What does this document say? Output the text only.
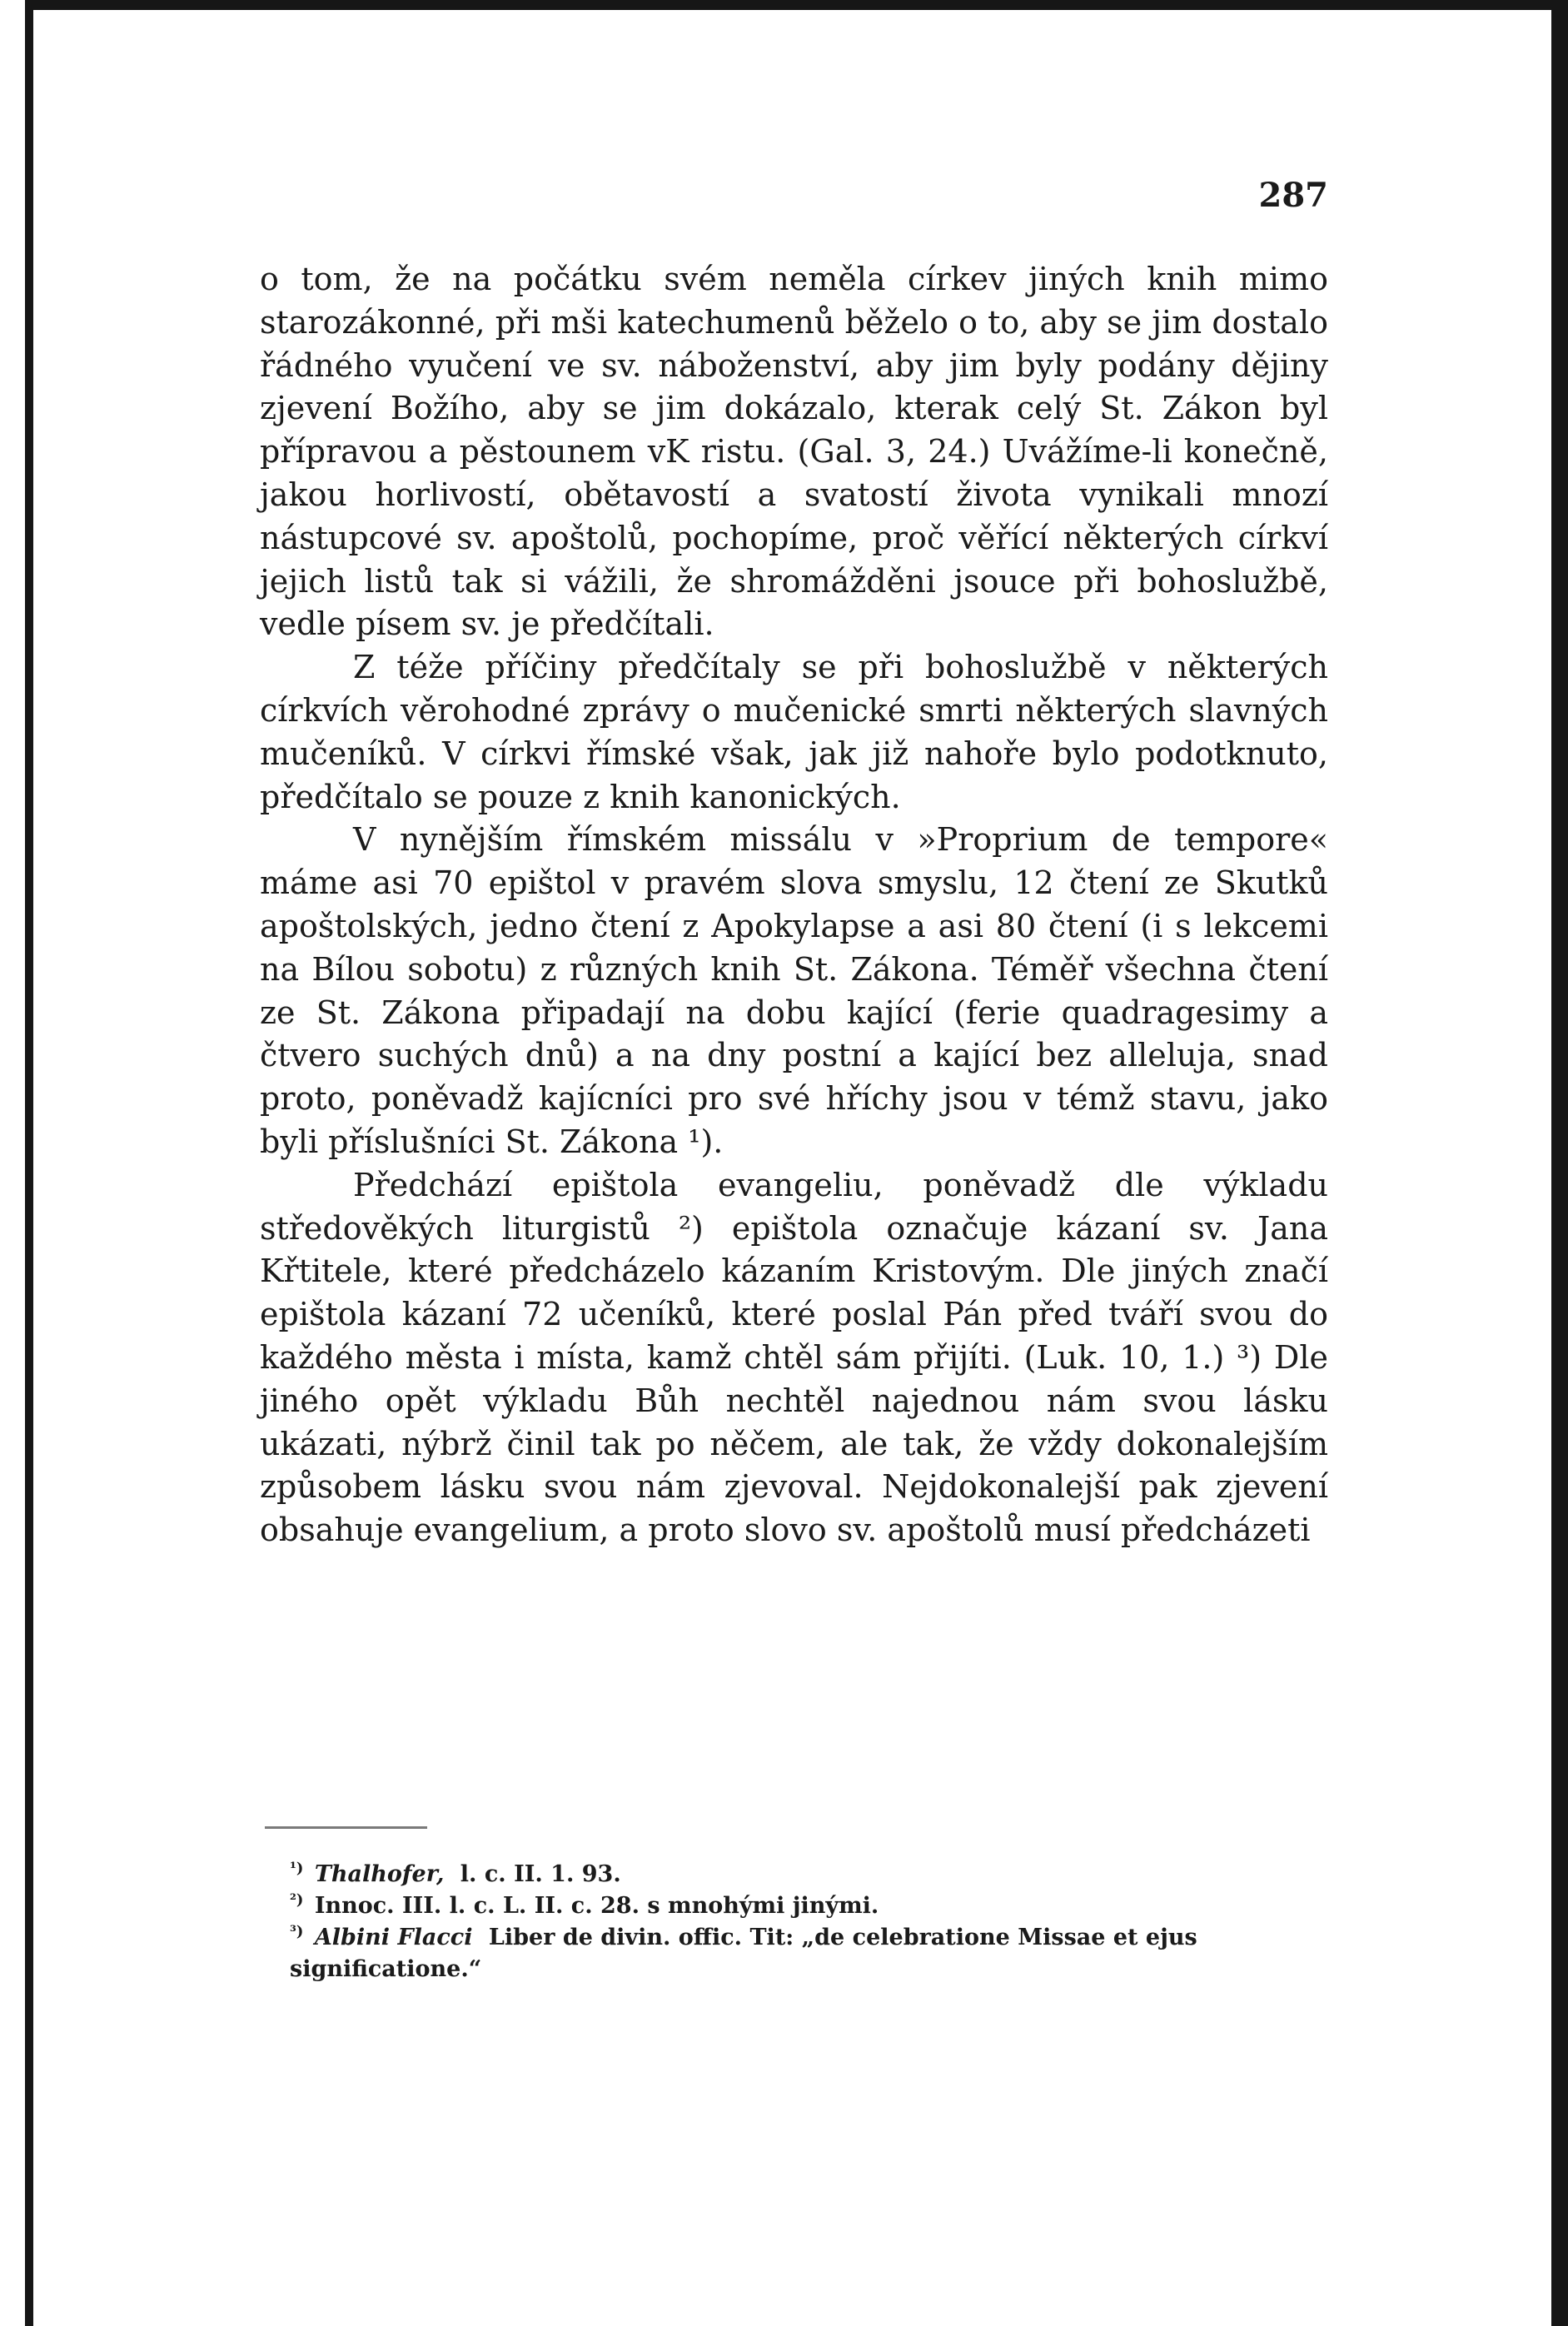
287

o tom, že na počátku svém neměla církev jiných knih mimo starozákonné, při mši katechumenů běželo o to, aby se jim dostalo řádného vyučení ve sv. náboženství, aby jim byly podány dějiny zjevení Božího, aby se jim dokázalo, kterak celý St. Zákon byl přípravou a pěstounem vK ristu. (Gal. 3, 24.) Uvážíme-li konečně, jakou horlivostí, obětavostí a svatostí života vynikali mnozí nástupcové sv. apoštolů, pochopíme, proč věřící některých církví jejich listů tak si vážili, že shromážděni jsouce při bohoslužbě, vedle písem sv. je předčítali.

Z téže příčiny předčítaly se při bohoslužbě v některých církvích věrohodné zprávy o mučenické smrti některých slavných mučeníků. V církvi římské však, jak již nahoře bylo podotknuto, předčítalo se pouze z knih kanonických.

V nynějším římském missálu v »Proprium de tempore« máme asi 70 epištol v pravém slova smyslu, 12 čtení ze Skutků apoštolských, jedno čtení z Apokylapse a asi 80 čtení (i s lekcemi na Bílou sobotu) z různých knih St. Zákona. Téměř všechna čtení ze St. Zákona připadají na dobu kající (ferie quadragesimy a čtvero suchých dnů) a na dny postní a kající bez alleluja, snad proto, poněvadž kajícníci pro své hříchy jsou v témž stavu, jako byli příslušníci St. Zákona ¹).

Předchází epištola evangeliu, poněvadž dle výkladu středověkých liturgistů ²) epištola označuje kázaní sv. Jana Křtitele, které předcházelo kázaním Kristovým. Dle jiných značí epištola kázaní 72 učeníků, které poslal Pán před tváří svou do každého města i místa, kamž chtěl sám přijíti. (Luk. 10, 1.) ³) Dle jiného opět výkladu Bůh nechtěl najednou nám svou lásku ukázati, nýbrž činil tak po něčem, ale tak, že vždy dokonalejším způsobem lásku svou nám zjevoval. Nejdokonalejší pak zjevení obsahuje evangelium, a proto slovo sv. apoštolů musí předcházeti

$^{^1)}$ Thalhofer, l. c. II. 1. 93.

$^{^2)}$ Innoc. III. l. c. L. II. c. 28. s mnohými jinými.

$^{^3)}$ Albini Flacci Liber de divin. offic. Tit: „de celebratione Missae et ejus significatione.“
